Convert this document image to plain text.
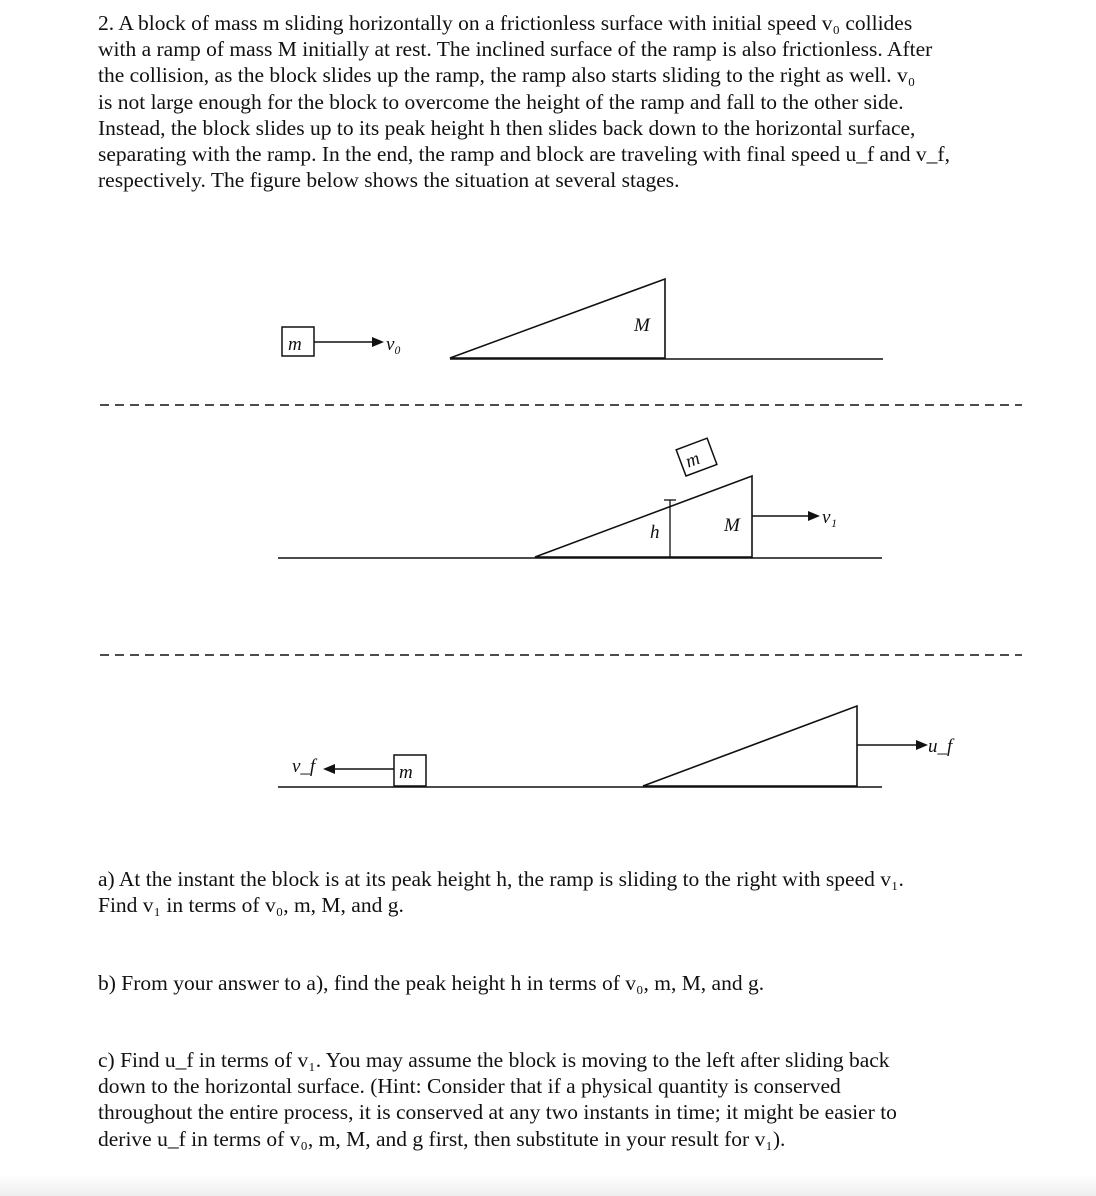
2. A block of mass m sliding horizontally on a frictionless surface with initial speed v₀ collides
with a ramp of mass M initially at rest. The inclined surface of the ramp is also frictionless. After
the collision, as the block slides up the ramp, the ramp also starts sliding to the right as well. v₀
is not large enough for the block to overcome the height of the ramp and fall to the other side.
Instead, the block slides up to its peak height h then slides back down to the horizontal surface,
separating with the ramp. In the end, the ramp and block are traveling with final speed u_f and v_f,
respectively. The figure below shows the situation at several stages.
m	v₀
M
m
h	M	v₁
v_f	m
u_f
a) At the instant the block is at its peak height h, the ramp is sliding to the right with speed v₁.
Find v₁ in terms of v₀, m, M, and g.
b) From your answer to a), find the peak height h in terms of v₀, m, M, and g.
c) Find u_f in terms of v₁. You may assume the block is moving to the left after sliding back
down to the horizontal surface. (Hint: Consider that if a physical quantity is conserved
throughout the entire process, it is conserved at any two instants in time; it might be easier to
derive u_f in terms of v₀, m, M, and g first, then substitute in your result for v₁).
